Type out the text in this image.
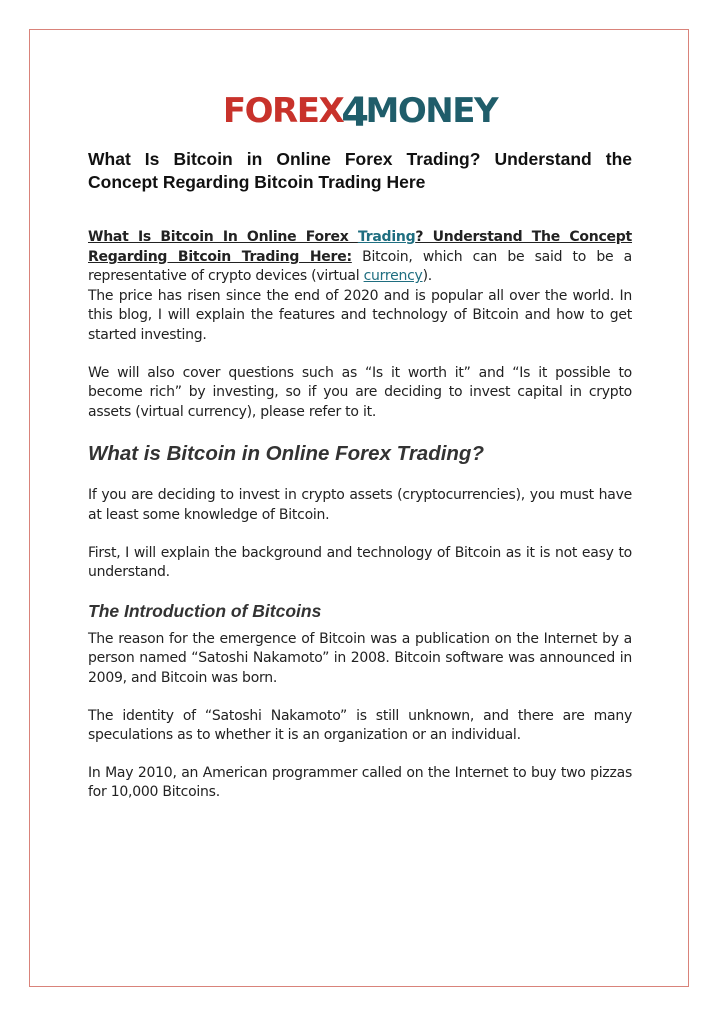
F OREX
4
MONEY
What Is Bitcoin in Online Forex Trading? Understand the Concept Regarding Bitcoin Trading Here

What Is Bitcoin In Online Forex Trading? Understand The Concept Regarding Bitcoin Trading Here: Bitcoin, which can be said to be a representative of crypto devices (virtual currency).

The price has risen since the end of 2020 and is popular all over the world. In this blog, I will explain the features and technology of Bitcoin and how to get started investing.

We will also cover questions such as “Is it worth it” and “Is it possible to become rich” by investing, so if you are deciding to invest capital in crypto assets (virtual currency), please refer to it.

What is Bitcoin in Online Forex Trading?

If you are deciding to invest in crypto assets (cryptocurrencies), you must have at least some knowledge of Bitcoin.

First, I will explain the background and technology of Bitcoin as it is not easy to understand.

The Introduction of Bitcoins

The reason for the emergence of Bitcoin was a publication on the Internet by a person named “Satoshi Nakamoto” in 2008. Bitcoin software was announced in 2009, and Bitcoin was born.

The identity of “Satoshi Nakamoto” is still unknown, and there are many speculations as to whether it is an organization or an individual.

In May 2010, an American programmer called on the Internet to buy two pizzas for 10,000 Bitcoins.
